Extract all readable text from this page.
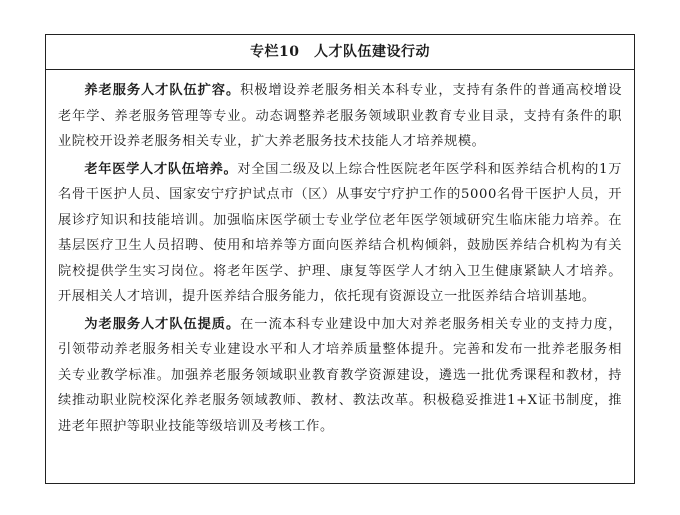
专栏10　人才队伍建设行动

养老服务人才队伍扩容。积极增设养老服务相关本科专业，支持有条件的普通高校增设老年学、养老服务管理等专业。动态调整养老服务领域职业教育专业目录，支持有条件的职业院校开设养老服务相关专业，扩大养老服务技术技能人才培养规模。

老年医学人才队伍培养。对全国二级及以上综合性医院老年医学科和医养结合机构的1万名骨干医护人员、国家安宁疗护试点市（区）从事安宁疗护工作的5000名骨干医护人员，开展诊疗知识和技能培训。加强临床医学硕士专业学位老年医学领域研究生临床能力培养。在基层医疗卫生人员招聘、使用和培养等方面向医养结合机构倾斜，鼓励医养结合机构为有关院校提供学生实习岗位。将老年医学、护理、康复等医学人才纳入卫生健康紧缺人才培养。开展相关人才培训，提升医养结合服务能力，依托现有资源设立一批医养结合培训基地。

为老服务人才队伍提质。在一流本科专业建设中加大对养老服务相关专业的支持力度，引领带动养老服务相关专业建设水平和人才培养质量整体提升。完善和发布一批养老服务相关专业教学标准。加强养老服务领域职业教育教学资源建设，遴选一批优秀课程和教材，持续推动职业院校深化养老服务领域教师、教材、教法改革。积极稳妥推进1+X证书制度，推进老年照护等职业技能等级培训及考核工作。
